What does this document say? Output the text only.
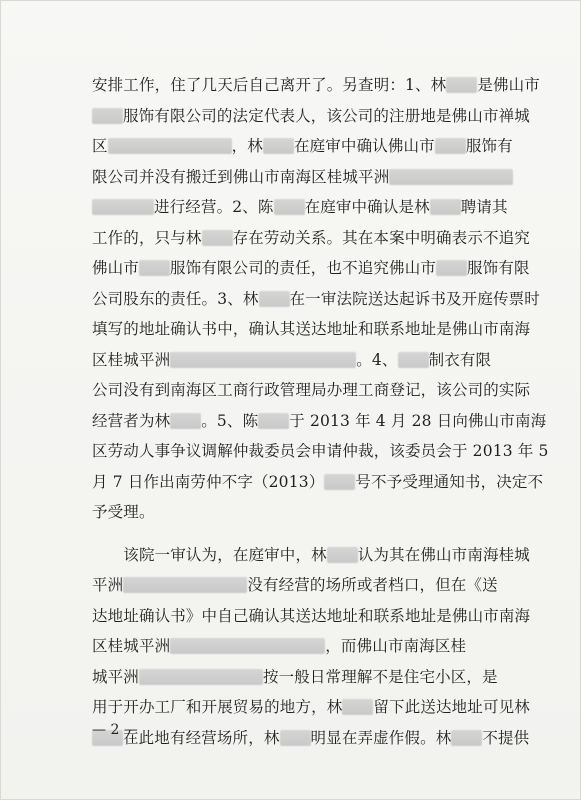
安排工作，住了几天后自己离开了。另查明：1、林 是佛山市
服饰有限公司的法定代表人，该公司的注册地是佛山市禅城
区	，林 在庭审中确认佛山市 服饰有
限公司并没有搬迁到佛山市南海区桂城平洲
进行经营。2、陈 在庭审中确认是林 聘请其
工作的，只与林 存在劳动关系。其在本案中明确表示不追究
佛山市 服饰有限公司的责任，也不追究佛山市 服饰有限
公司股东的责任。3、林 在一审法院送达起诉书及开庭传票时
填写的地址确认书中，确认其送达地址和联系地址是佛山市南海
区桂城平洲	。4、 制衣有限
公司没有到南海区工商行政管理局办理工商登记，该公司的实际
经营者为林 。5、陈 于 2013 年 4 月 28 日向佛山市南海
区劳动人事争议调解仲裁委员会申请仲裁，该委员会于 2013 年 5
月 7 日作出南劳仲不字（2013） 号不予受理通知书，决定不
予受理。
　　该院一审认为，在庭审中，林 认为其在佛山市南海桂城
平洲	没有经营的场所或者档口，但在《送
达地址确认书》中自己确认其送达地址和联系地址是佛山市南海
区桂城平洲	，而佛山市南海区桂
城平洲	按一般日常理解不是住宅小区，是
用于开办工厂和开展贸易的地方，林 留下此送达地址可见林
在此地有经营场所，林 明显在弄虚作假。林 不提供
— 2 —
